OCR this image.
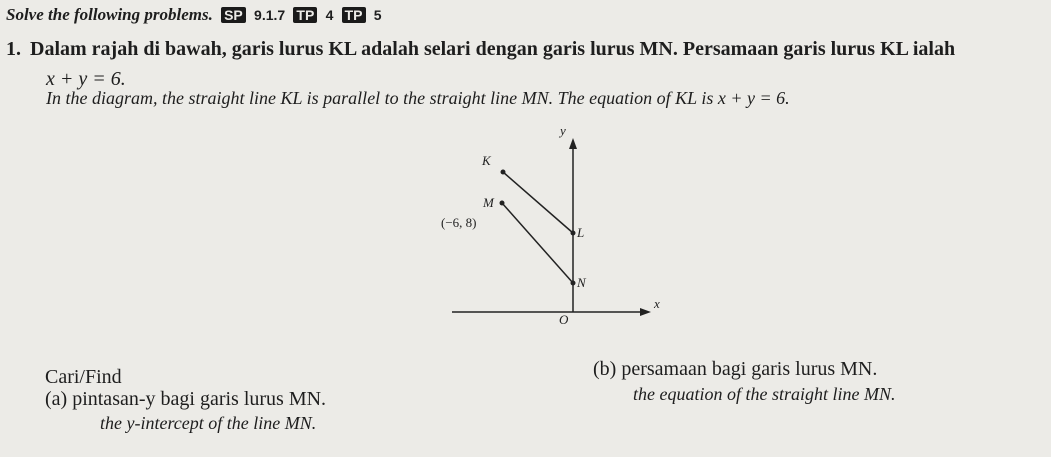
Solve the following problems. SP 9.1.7 TP 4 TP 5
1. Dalam rajah di bawah, garis lurus KL adalah selari dengan garis lurus MN. Persamaan garis lurus KL ialah
x + y = 6.
In the diagram, the straight line KL is parallel to the straight line MN. The equation of KL is x + y = 6.
y
x
O
K
L
M
(−6, 8)
N
Cari/Find
(a) pintasan-y bagi garis lurus MN.
the y-intercept of the line MN.
(b) persamaan bagi garis lurus MN.
the equation of the straight line MN.
